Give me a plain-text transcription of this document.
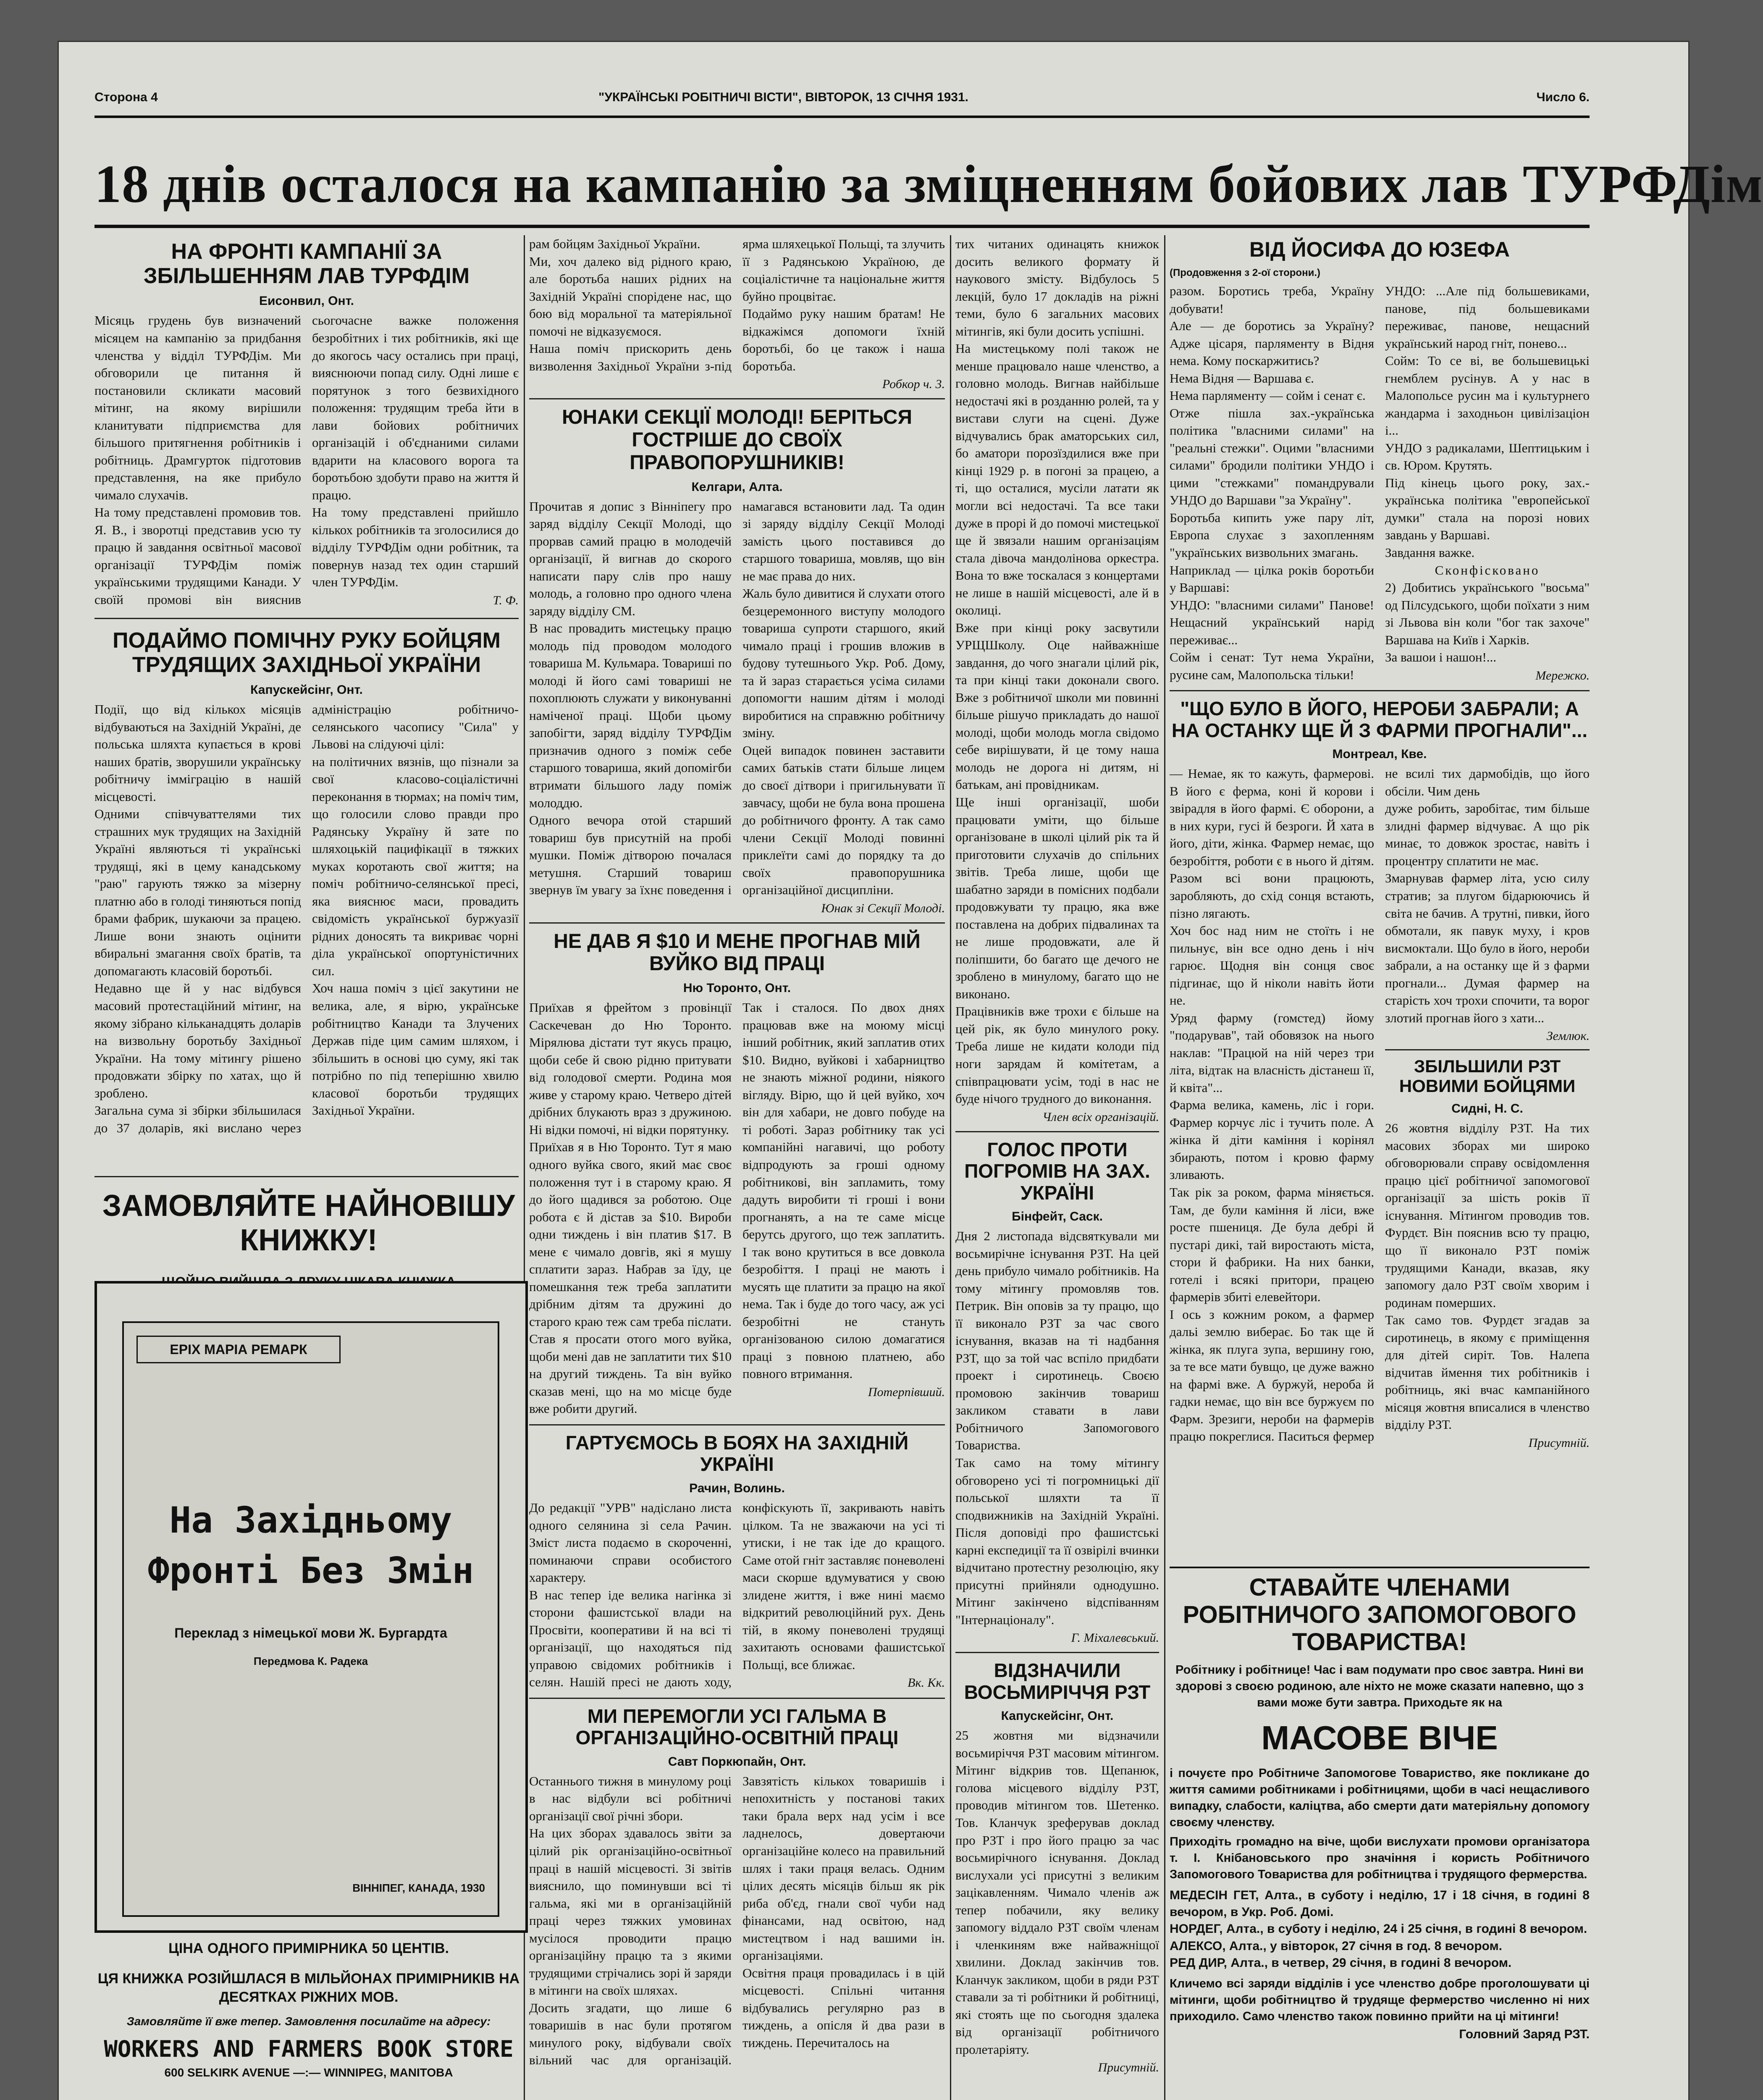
Сторона 4	"УКРАЇНСЬКІ РОБІТНИЧІ ВІСТИ", ВІВТОРОК, 13 СІЧНЯ 1931.	Число 6.
18 днів осталося на кампанію за зміцненням бойових лав ТУРФДім
НА ФРОНТІ КАМПАНІЇ ЗА ЗБІЛЬШЕННЯМ ЛАВ ТУРФДІМ
Еисонвил, Онт.

Місяць грудень був визначений місяцем на кампанію за придбання членства у відділ ТУРФДім. Ми обговорили це питання й постановили скликати масовий мітинг, на якому вирішили кланитувати підприємства для більшого притягнення робітників і робітниць. Драмгурток підготовив представлення, на яке прибуло чимало слухачів.

На тому представлені промовив тов. Я. В., і зворотці представив усю ту працю й завдання освітньої масової організації ТУРФДім поміж українськими трудящими Канади. У своїй промові він вияснив сьогочасне важке положення безробітних і тих робітників, які ще до якогось часу остались при праці, вияснюючи попад силу. Одні лише є порятунок з того безвихідного положення: трудящим треба йти в лави бойових робітничих організацій і об'єднаними силами вдарити на класового ворога та боротьбою здобути право на життя й працю.

На тому представлені прийшло кількох робітників та зголосилися до відділу ТУРФДім одни робітник, та повернув назад тех один старший член ТУРФДім.

Т. Ф.

ПОДАЙМО ПОМІЧНУ РУКУ БОЙЦЯМ ТРУДЯЩИХ ЗАХІДНЬОЇ УКРАЇНИ
Капускейсінг, Онт.

Події, що від кількох місяців відбуваються на Західній Україні, де польська шляхта купається в крові наших братів, зворушили українську робітничу імміграцію в нашій місцевості.

Одними співчуваттелями тих страшних мук трудящих на Західній Україні являються ті українські трудящі, які в цему канадському "раю" гарують тяжко за мізерну платню або в голоді тиняються попід брами фабрик, шукаючи за працею. Лише вони знають оцінити вбиральні змагання своїх братів, та допомагають класовій боротьбі.

Недавно ще й у нас відбувся масовий протестаційний мітинг, на якому зібрано кільканадцять доларів на визвольну боротьбу Західньої України. На тому мітингу рішено продовжати збірку по хатах, що й зроблено.

Загальна сума зі збірки збільшилася до 37 доларів, які вислано через адміністрацію робітничо-селянського часопису "Сила" у Львові на слідуючі цілі:

на політичних вязнів, що пізнали за свої класово-соціалістичні переконання в тюрмах; на поміч тим, що голосили слово правди про Радянську Україну й зате по шляхоцькій пацифікації в тяжких муках коротають свої життя; на поміч робітничо-селянської пресі, яка вияснює маси, провадить свідомість української буржуазії рідних доносять та викриває чорні діла української опортуністичних сил.

Хоч наша поміч з цієї закутини не велика, але, я вірю, українське робітництво Канади та Злучених Держав піде цим самим шляхом, і збільшить в основі цю суму, які так потрібно по під теперішню хвилю класової боротьби трудящих Західньої України.

ЗАМОВЛЯЙТЕ НАЙНОВІШУ КНИЖКУ!
ЕРІХ МАРІА РЕМАРК
На Західньому
Фронті Без Змін
Переклад з німецької мови Ж. Бургардта
Передмова К. Радека
ВІННІПЕГ, КАНАДА, 1930
ЦІНА ОДНОГО ПРИМІРНИКА 50 ЦЕНТІВ.
ЦЯ КНИЖКА РОЗІЙШЛАСЯ В МІЛЬЙОНАХ ПРИМІРНИКІВ НА ДЕСЯТКАХ РІЖНИХ МОВ.
Замовляйте її вже тепер. Замовлення посилайте на адресу:
WORKERS AND FARMERS BOOK STORE
600 SELKIRK AVENUE —:— WINNIPEG, MANITOBA

рам бойцям Західньої України.

Ми, хоч далеко від рідного краю, але боротьба наших рідних на Західній Україні спорідене нас, що бою від моральної та матеріяльної помочі не відказуємося.

Наша поміч прискорить день визволення Західньої України з-під ярма шляхецької Польщі, та злучить її з Радянською Україною, де соціалістичне та національне життя буйно процвітає.

Подаймо руку нашим братам! Не відкажімся допомоги їхній боротьбі, бо це також і наша боротьба.

Робкор ч. 3.

ЮНАКИ СЕКЦІЇ МОЛОДІ! БЕРІТЬСЯ ГОСТРІШЕ ДО СВОЇХ ПРАВОПОРУШНИКІВ!
Келгари, Алта.

Прочитав я допис з Вінніпегу про заряд відділу Секції Молоді, що прорвав самий працю в молодечій організації, й вигнав до скорого написати пару слів про нашу молодь, а головно про одного члена заряду відділу СМ.

В нас провадить мистецьку працю молодь під проводом молодого товариша М. Кульмара. Товариші по молоді й його самі товариші не похоплюють служати у виконуванні наміченої праці. Щоби цьому запобігти, заряд відділу ТУРФДім призначив одного з поміж себе старшого товариша, який допомігби втримати більшого ладу поміж молоддю.

Одного вечора отой старший товариш був присутній на пробі мушки. Поміж дітворою почалася метушня. Старший товариш звернув їм увагу за їхнє поведення і намагався встановити лад. Та один зі заряду відділу Секції Молоді замість цього поставився до старшого товариша, мовляв, що він не має права до них.

Жаль було дивитися й слухати отого безцеремонного виступу молодого товариша супроти старшого, який чимало праці і грошив вложив в будову тутешнього Укр. Роб. Дому, та й зараз старається усіма силами допомогти нашим дітям і молоді виробитися на справжню робітничу зміну.

Оцей випадок повинен заставити самих батьків стати більше лицем до своєї дітвори і пригильнувати її завчасу, щоби не була вона прошена до робітничого фронту. А так само члени Секції Молоді повинні приклеїти самі до порядку та до своїх правопорушника організаційної дисципліни.

Юнак зі Секції Молоді.

НЕ ДАВ Я $10 И МЕНЕ ПРОГНАВ МІЙ ВУЙКО ВІД ПРАЦІ
Ню Торонто, Онт.

Приїхав я фрейтом з провінції Саскечеван до Ню Торонто. Мірялюва дістати тут якусь працю, щоби себе й свою рідню притувати від голодової смерти. Родина моя живе у старому краю. Четверо дітей дрібних блукають враз з дружиною. Ні відки помочі, ні відки порятунку.

Приїхав я в Ню Торонто. Тут я маю одного вуйка свого, який має своє положення тут і в старому краю. Я до його щадився за роботою. Оце робота є й дістав за $10. Вироби одни тиждень і він платив $17. В мене є чимало довгів, які я мушу сплатити зараз. Набрав за їду, це помешкання теж треба заплатити дрібним дітям та дружині до старого краю теж сам треба післати. Став я просати отого мого вуйка, щоби мені дав не заплатити тих $10 на другий тиждень. Та він вуйко сказав мені, що на мо місце буде вже робити другий.

Так і сталося. По двох днях працював вже на моюму місці інший робітник, який заплатив отих $10. Видно, вуйкові і хабарництво не знають міжної родини, ніякого вігляду. Вірю, що й цей вуйко, хоч він для хабари, не довго побуде на ті роботі. Зараз робітнику так усі компанійні нагавичі, що роботу відпродують за гроші одному робітникові, він запламить, тому дадуть виробити ті гроші і вони прогнанять, а на те саме місце берутсь другого, що теж заплатить. І так воно крутиться в все довкола безробіття. І праці не мають і мусять ще платити за працю на якої нема. Так і буде до того часу, аж усі безробітні не стануть організованою силою домагатися праці з повною платнею, або повного втримання.

Потерпівший.

ГАРТУЄМОСЬ В БОЯХ НА ЗАХІДНІЙ УКРАЇНІ
Рачин, Волинь.

До редакції "УРВ" надіслано листа одного селянина зі села Рачин. Зміст листа подаємо в скороченні, поминаючи справи особистого характеру.

В нас тепер іде велика нагінка зі сторони фашистської влади на Просвіти, кооперативи й на всі ті організації, що находяться під управою свідомих робітників і селян. Нашій пресі не дають ходу, конфіскують її, закривають навіть цілком. Та не зважаючи на усі ті утиски, і не так іде до кращого. Саме отой гніт заставляє поневолені маси скорше вдумуватися у свою злидене життя, і вже нині маємо відкритий революційний рух. День тій, в якому поневолені трудящі захитають основами фашистської Польщі, все ближає.

Вк. Кк.

МИ ПЕРЕМОГЛИ УСІ ГАЛЬМА В ОРГАНІЗАЦІЙНО-ОСВІТНІЙ ПРАЦІ
Савт Поркюпайн, Онт.

Останнього тижня в минулому році в нас відбули всі робітничі організації свої річні збори.

На цих зборах здавалось звіти за цілий рік організаційно-освітньої праці в нашій місцевості. Зі звітів вияснило, що поминувши всі ті гальма, які ми в організаційній праці через тяжких умовинах мусілося проводити працю організаційну працю та з якими трудящими стрічались зорі й заряди в мітинги на своїх шляхах.

Досить згадати, що лише 6 товаришів в нас були протягом минулого року, відбували своїх вільний час для організацій. Завзятість кількох товаришів і непохитність у постанові таких таки брала верх над усім і все ладнелось, довертаючи організаційне колесо на правильний шлях і таки праця велась. Одним цілих десять місяців більш як рік риба об'єд, гнали свої чуби над фінансами, над освітою, над мистецтвом і над вашими ін. організаціями.

Освітня праця провадилась і в цій місцевості. Спільні читання відбувались регулярно раз в тиждень, а опісля й два рази в тиждень. Перечиталось на

тих читаних одинацять книжок досить великого формату й наукового змісту. Відбулось 5 лекцій, було 17 докладів на ріжні теми, було 6 загальних масових мітингів, які були досить успішні.

На мистецькому полі також не менше працювало наше членство, а головно молодь. Вигнав найбільше недостачі які в розданню ролей, та у вистави слуги на сцені. Дуже відчувались брак аматорських сил, бо аматори порозїздилися вже при кінці 1929 р. в погоні за працею, а ті, що осталися, мусіли латати як могли всі недостачі. Та все таки дуже в прорі й до помочі мистецької ще й звязали нашим організаціям стала дівоча мандолінова оркестра. Вона то вже тоскалася з концертами не лише в нашій місцевості, але й в околиці.

Вже при кінці року засвутили УРЩШколу. Оце найважніше завдання, до чого знагали цілий рік, та при кінці таки доконали свого. Вже з робітничої школи ми повинні більше рішучо прикладать до нашої молоді, щоби молодь могла свідомо себе вирішувати, й це тому наша молодь не дорога ні дитям, ні батькам, ані провідникам.

Ще інші організації, шоби працювати уміти, що більше організоване в школі цілий рік та й приготовити слухачів до спільних звітів. Треба лише, щоби ще шабатно заряди в помісних подбали продовжувати ту працю, яка вже поставлена на добрих підвалинах та не лише продовжати, але й поліпшити, бо багато ще дечого не зроблено в минулому, багато що не виконано.

Працівників вже трохи є більше на цей рік, як було минулого року. Треба лише не кидати колоди під ноги зарядам й комітетам, а співпрацювати усім, тоді в нас не буде нічого трудного до виконання.

Член всіх організацій.

ГОЛОС ПРОТИ ПОГРОМІВ НА ЗАХ. УКРАЇНІ
Бінфейт, Саск.

Дня 2 листопада відсвяткували ми восьмирічне існування РЗТ. На цей день прибуло чимало робітників. На тому мітингу промовляв тов. Петрик. Він оповів за ту працю, що її виконало РЗТ за час свого існування, вказав на ті надбання РЗТ, що за той час вспіло придбати проект і сиротинець. Своєю промовою закінчив товариш закликом ставати в лави Робітничого Запомогового Товариства.

Так само на тому мітингу обговорено усі ті погромницькі дії польської шляхти та її сподвижників на Західній Україні. Після доповіді про фашистські карні експедиції та її озвірілі вчинки відчитано протестну резолюцію, яку присутні прийняли однодушно. Мітинг закінчено відспіванням "Інтернаціоналу".

Г. Міхалевський.

ВІДЗНАЧИЛИ ВОСЬМИРІЧЧЯ РЗТ
Капускейсінг, Онт.

25 жовтня ми відзначили восьмиріччя РЗТ масовим мітингом. Мітинг відкрив тов. Щепанюк, голова місцевого відділу РЗТ, проводив мітингом тов. Шетенко. Тов. Кланчук зреферував доклад про РЗТ і про його працю за час восьмирічного існування. Доклад вислухали усі присутні з великим зацікавленням. Чимало членів аж тепер побачили, яку велику запомогу віддало РЗТ своїм членам і членкиням вже найважніщої хвилини. Доклад закінчив тов. Кланчук закликом, щоби в ряди РЗТ ставали за ті робітники й робітниці, які стоять ще по сьогодня здалека від організації робітничого пролетаріяту.

Присутній.

ВІД ЙОСИФА ДО ЮЗЕФА
(Продовження з 2-ої сторони.)

разом. Боротись треба, Україну добувати!
Але — де боротись за Україну? Адже цісаря, парляменту в Відня нема. Кому поскаржитись?
Нема Відня — Варшава є.
Нема парляменту — сойм і сенат є.
Отже пішла зах.-українська політика "власними силами" на "реальні стежки". Оцими "власними силами" бродили політики УНДО і цими "стежками" помандрували УНДО до Варшави "за Україну".
Боротьба кипить уже пару літ, Европа слухає з захопленням "українських визвольних змагань.
Наприклад — цілка років боротьби у Варшаві:
УНДО: "власними силами" Панове! Нещасний український нарід переживає...
Сойм і сенат: Тут нема України, русине сам, Малопольска тільки!

УНДО: ...Але під большевиками, панове, під большевиками переживає, панове, нещасний український народ гніт, понево...
Сойм: То се ві, ве большевицькі гнемблем русінув. А у нас в Малопольсе русин ма і культурнего жандарма і заходньон цивілізаціон і...
УНДО з радикалами, Шептицьким і св. Юром. Крутять.

Під кінець цього року, зах.-українська політика "европейської думки" стала на порозі нових завдань у Варшаві.
Завдання важке.

Сконфісковано

2) Добитись українського "восьма" од Пілсудського, щоби поїхати з ним зі Львова він коли "бог так захоче" Варшава на Київ і Харків.
За вашои і нашон!...

Мережко.

"ЩО БУЛО В ЙОГО, НЕРОБИ ЗАБРАЛИ; А НА ОСТАНКУ ЩЕ Й З ФАРМИ ПРОГНАЛИ"...
Монтреал, Кве.

— Немае, як то кажуть, фармерові. В його є ферма, коні й корови і звірадля в його фармі. Є оборони, а в них кури, гусі й безроги. Й хата в його, діти, жінка. Фармер немає, що безробіття, роботи є в нього й дітям. Разом всі вони працюють, заробляють, до схід сонця встають, пізно лягають.

Хоч бос над ним не стоїть і не пильнує, він все одно день і ніч гарює. Щодня він сонця своє підгинає, що й ніколи навіть йоти не.

Уряд фарму (гомстед) йому "подарував", тай обовязок на нього наклав: "Працюй на ній через три літа, відтак на власність дістанеш її, й квіта"...

Фарма велика, камень, ліс і гори. Фармер корчує ліс і тучить поле. А жінка й діти каміння і корінял збирають, потом і кровю фарму зливають.

Так рік за роком, фарма міняється. Там, де були каміння й ліси, вже росте пшениця. Де була дебрі й пустарі дикі, тай виростають міста, стори й фабрики. На них банки, готелі і всякі притори, працею фармерів збиті елевейтори.

І ось з кожним роком, а фармер дальі землю виберає. Бо так ще й жінка, як плуга зупа, вершину гою, за те все мати бувщо, це дуже важно на фармі вже. А буржуй, нероба й гадки немає, що він все буржуєм по Фарм. Зрезиги, нероби на фармерів працю покреглися. Паситься фермер не всилі тих дармобідів, що його обсіли. Чим день

дуже робить, заробітає, тим більше злидні фармер відчуває. А що рік минає, то довжок зростає, навіть і процентру сплатити не має.

Змарнував фармер літа, усю силу стратив; за плугом бідарюючись й світа не бачив. А трутні, пивки, його обмотали, як павук муху, і кров висмоктали. Що було в його, нероби забрали, а на останку ще й з фарми прогнали... Думая фармер на старість хоч трохи спочити, та ворог злотий прогнав його з хати...

Землюк.

ЗБІЛЬШИЛИ РЗТ НОВИМИ БОЙЦЯМИ
Сидні, Н. С.

26 жовтня відділу РЗТ. На тих масових зборах ми широко обговорювали справу освідомлення працю цієї робітничої запомогової організації за шість років її існування. Мітингом проводив тов. Фурдєт. Він пояснив всю ту працю, що її виконало РЗТ поміж трудящими Канади, вказав, яку запомогу дало РЗТ своїм хворим і родинам померших.

Так само тов. Фурдєт згадав за сиротинець, в якому є приміщення для дітей сиріт. Тов. Налепа відчитав ймення тих робітників і робітниць, які вчас кампанійного місяця жовтня вписалися в членство відділу РЗТ.

Присутній.

СТАВАЙТЕ ЧЛЕНАМИ РОБІТНИЧОГО ЗАПОМОГОВОГО ТОВАРИСТВА!

Робітнику і робітнице! Час і вам подумати про своє завтра. Нині ви здорові з своєю родиною, але ніхто не може сказати напевно, що з вами може бути завтра. Приходьте як на

МАСОВЕ ВІЧЕ

і почуєте про Робітниче Запомогове Товариство, яке покликане до життя самими робітниками і робітницями, щоби в часі нещасливого випадку, слабости, каліцтва, або смерти дати матеріяльну допомогу своєму членству.

Приходіть громадно на віче, щоби вислухати промови організатора т. І. Кнібановського про значіння і користь Робітничого Запомогового Товариства для робітництва і трудящого фермерства.

МЕДЕСІН ГЕТ, Алта., в суботу і неділю, 17 і 18 січня, в годині 8 вечором, в Укр. Роб. Домі.

НОРДЕГ, Алта., в суботу і неділю, 24 і 25 січня, в годині 8 вечором.

АЛЕКСО, Алта., у вівторок, 27 січня в год. 8 вечором.

РЕД ДИР, Алта., в четвер, 29 січня, в годині 8 вечором.

Кличемо всі заряди відділів і усе членство добре проголошувати ці мітинги, щоби робітництво й трудяще фермерство численно ні них приходило. Само членство також повинно прийти на ці мітинги!

Головний Заряд РЗТ.
